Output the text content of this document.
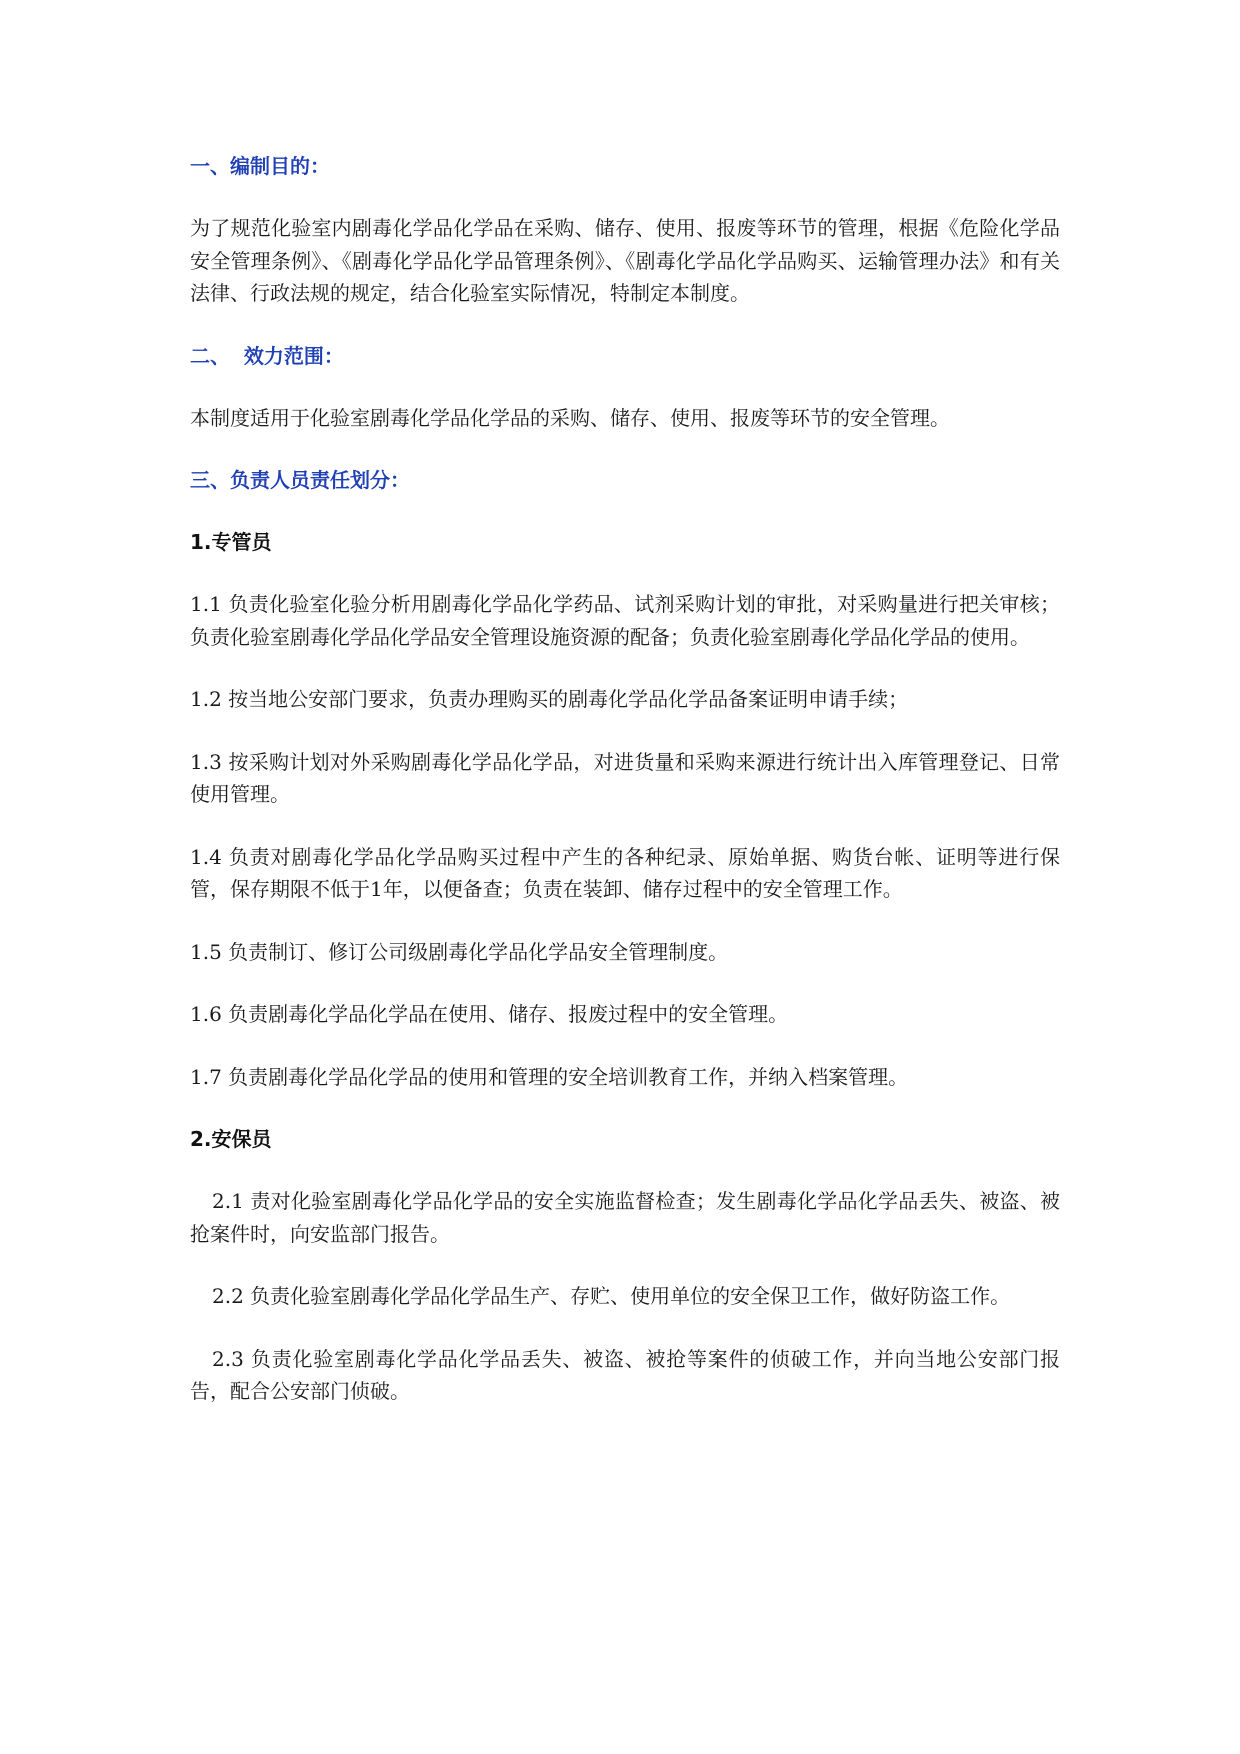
一、编制目的：

为了规范化验室内剧毒化学品化学品在采购、储存、使用、报废等环节的管理，根据《危险化学品安全管理条例》、《剧毒化学品化学品管理条例》、《剧毒化学品化学品购买、运输管理办法》和有关法律、行政法规的规定，结合化验室实际情况，特制定本制度。

二、  效力范围：

本制度适用于化验室剧毒化学品化学品的采购、储存、使用、报废等环节的安全管理。

三、负责人员责任划分：
1.专管员

1.1 负责化验室化验分析用剧毒化学品化学药品、试剂采购计划的审批，对采购量进行把关审核；负责化验室剧毒化学品化学品安全管理设施资源的配备；负责化验室剧毒化学品化学品的使用。

1.2 按当地公安部门要求，负责办理购买的剧毒化学品化学品备案证明申请手续；

1.3 按采购计划对外采购剧毒化学品化学品，对进货量和采购来源进行统计出入库管理登记、日常使用管理。

1.4 负责对剧毒化学品化学品购买过程中产生的各种纪录、原始单据、购货台帐、证明等进行保管，保存期限不低于1年，以便备查；负责在装卸、储存过程中的安全管理工作。

1.5 负责制订、修订公司级剧毒化学品化学品安全管理制度。

1.6 负责剧毒化学品化学品在使用、储存、报废过程中的安全管理。

1.7 负责剧毒化学品化学品的使用和管理的安全培训教育工作，并纳入档案管理。

2.安保员

2.1 责对化验室剧毒化学品化学品的安全实施监督检查；发生剧毒化学品化学品丢失、被盗、被抢案件时，向安监部门报告。

2.2 负责化验室剧毒化学品化学品生产、存贮、使用单位的安全保卫工作，做好防盗工作。

2.3 负责化验室剧毒化学品化学品丢失、被盗、被抢等案件的侦破工作，并向当地公安部门报告，配合公安部门侦破。
